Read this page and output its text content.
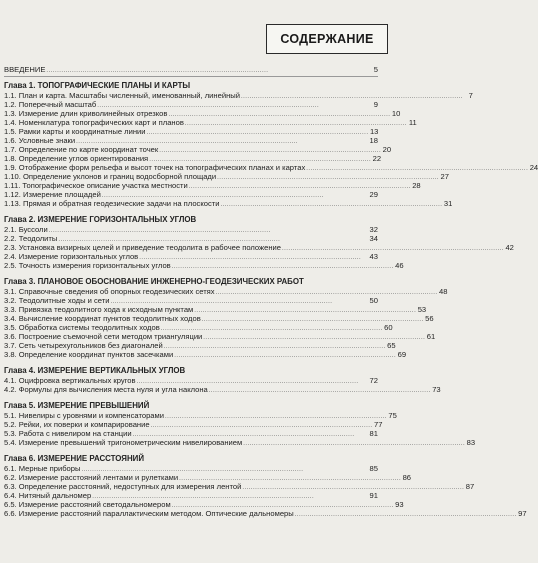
СОДЕРЖАНИЕ
ВВЕДЕНИЕ . . .	5
Глава 1. ТОПОГРАФИЧЕСКИЕ ПЛАНЫ И КАРТЫ
1.1. План и карта. Масштабы численный, именованный, линейный . . .	7
1.2. Поперечный масштаб . . .	9
1.3. Измерение длин криволинейных отрезков . . .	10
1.4. Номенклатура топографических карт и планов . . .	11
1.5. Рамки карты и координатные линии . . .	13
1.6. Условные знаки . . .	18
1.7. Определение по карте координат точек . . .	20
1.8. Определение углов ориентирования . . .	22
1.9. Отображение форм рельефа и высот точек на топографических планах и картах . . .	24
1.10. Определение уклонов и границ водосборной площади . . .	27
1.11. Топографическое описание участка местности . . .	28
1.12. Измерение площадей . . .	29
1.13. Прямая и обратная геодезические задачи на плоскости . . .	31
Глава 2. ИЗМЕРЕНИЕ ГОРИЗОНТАЛЬНЫХ УГЛОВ
2.1. Буссоли . . .	32
2.2. Теодолиты . . .	34
2.3. Установка визирных целей и приведение теодолита в рабочее положение . . .	42
2.4. Измерение горизонтальных углов . . .	43
2.5. Точность измерения горизонтальных углов . . .	46
Глава 3. ПЛАНОВОЕ ОБОСНОВАНИЕ ИНЖЕНЕРНО-ГЕОДЕЗИЧЕСКИХ РАБОТ
3.1. Справочные сведения об опорных геодезических сетях . . .	48
3.2. Теодолитные ходы и сети . . .	50
3.3. Привязка теодолитного хода к исходным пунктам . . .	53
3.4. Вычисление координат пунктов теодолитных ходов . . .	56
3.5. Обработка системы теодолитных ходов . . .	60
3.6. Построение съемочной сети методом триангуляции . . .	61
3.7. Сеть четырехугольников без диагоналей . . .	65
3.8. Определение координат пунктов засечками . . .	69
Глава 4. ИЗМЕРЕНИЕ ВЕРТИКАЛЬНЫХ УГЛОВ
4.1. Оцифровка вертикальных кругов . . .	72
4.2. Формулы для вычисления места нуля и угла наклона . . .	73
Глава 5. ИЗМЕРЕНИЕ ПРЕВЫШЕНИЙ
5.1. Нивелиры с уровнями и компенсаторами . . .	75
5.2. Рейки, их поверки и компарирование . . .	77
5.3. Работа с нивелиром на станции . . .	81
5.4. Измерение превышений тригонометрическим нивелированием . . .	83
Глава 6. ИЗМЕРЕНИЕ РАССТОЯНИЙ
6.1. Мерные приборы . . .	85
6.2. Измерение расстояний лентами и рулетками . . .	86
6.3. Определение расстояний, недоступных для измерения лентой . . .	87
6.4. Нитяный дальномер . . .	91
6.5. Измерение расстояний светодальномером . . .	93
6.6. Измерение расстояний параллактическим методом. Оптические дальномеры . . .	97
